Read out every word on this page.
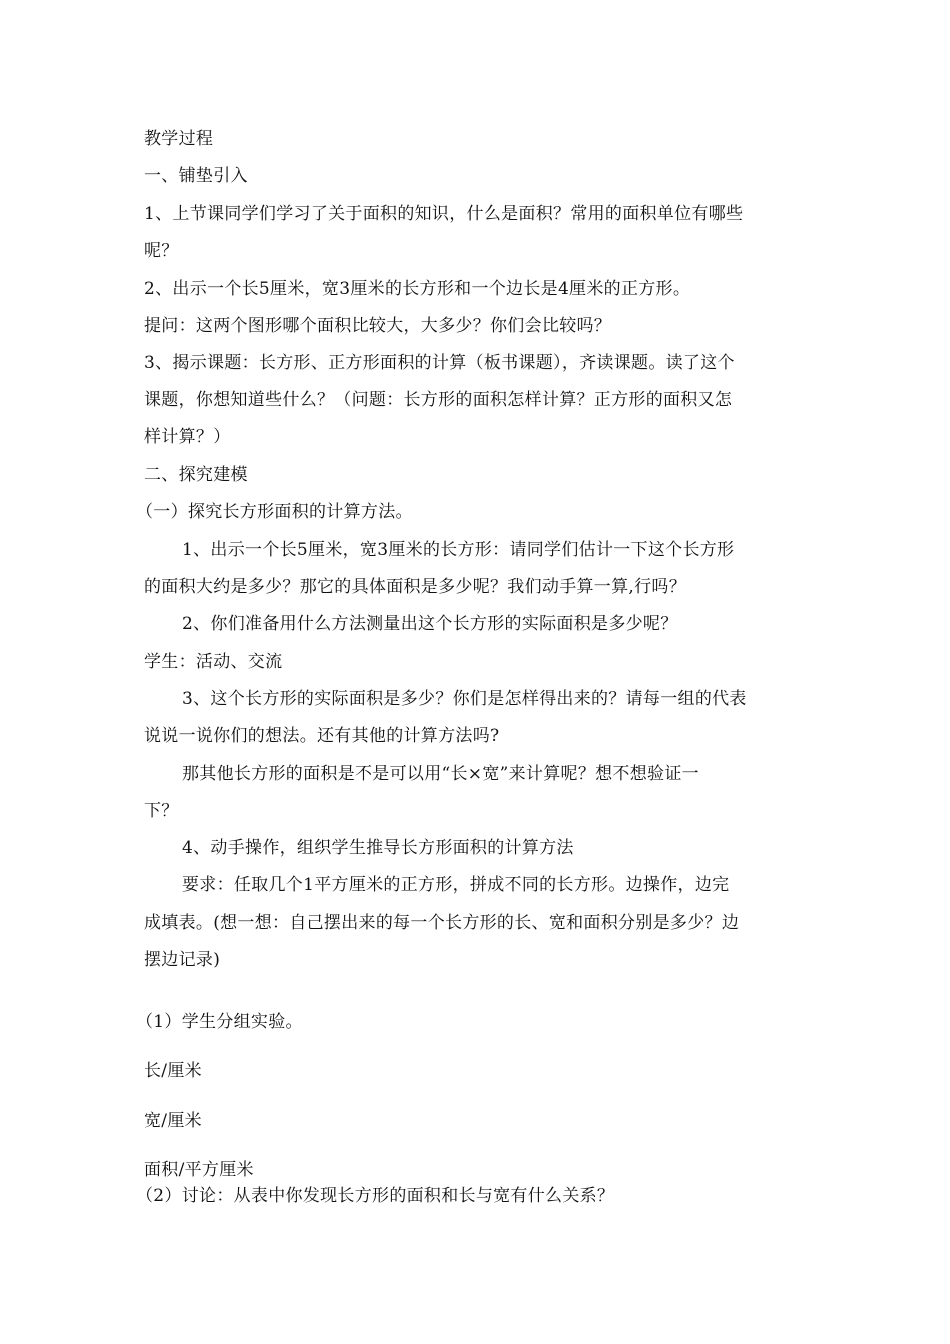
教学过程
一、铺垫引入
1、上节课同学们学习了关于面积的知识，什么是面积？常用的面积单位有哪些
呢？
2、出示一个长5厘米，宽3厘米的长方形和一个边长是4厘米的正方形。
提问：这两个图形哪个面积比较大，大多少？你们会比较吗？
3、揭示课题：长方形、正方形面积的计算（板书课题），齐读课题。读了这个
课题，你想知道些什么？（问题：长方形的面积怎样计算？正方形的面积又怎
样计算？）
二、探究建模
（一）探究长方形面积的计算方法。
1、出示一个长5厘米，宽3厘米的长方形：请同学们估计一下这个长方形
的面积大约是多少？那它的具体面积是多少呢？我们动手算一算,行吗？
2、你们准备用什么方法测量出这个长方形的实际面积是多少呢？
学生：活动、交流
3、这个长方形的实际面积是多少？你们是怎样得出来的？请每一组的代表
说说一说你们的想法。还有其他的计算方法吗?
那其他长方形的面积是不是可以用“长×宽”来计算呢？想不想验证一
下？
4、动手操作，组织学生推导长方形面积的计算方法
要求：任取几个1平方厘米的正方形，拼成不同的长方形。边操作，边完
成填表。(想一想：自己摆出来的每一个长方形的长、宽和面积分别是多少？边
摆边记录)
（1）学生分组实验。
长/厘米
宽/厘米
面积/平方厘米
（2）讨论：从表中你发现长方形的面积和长与宽有什么关系？
